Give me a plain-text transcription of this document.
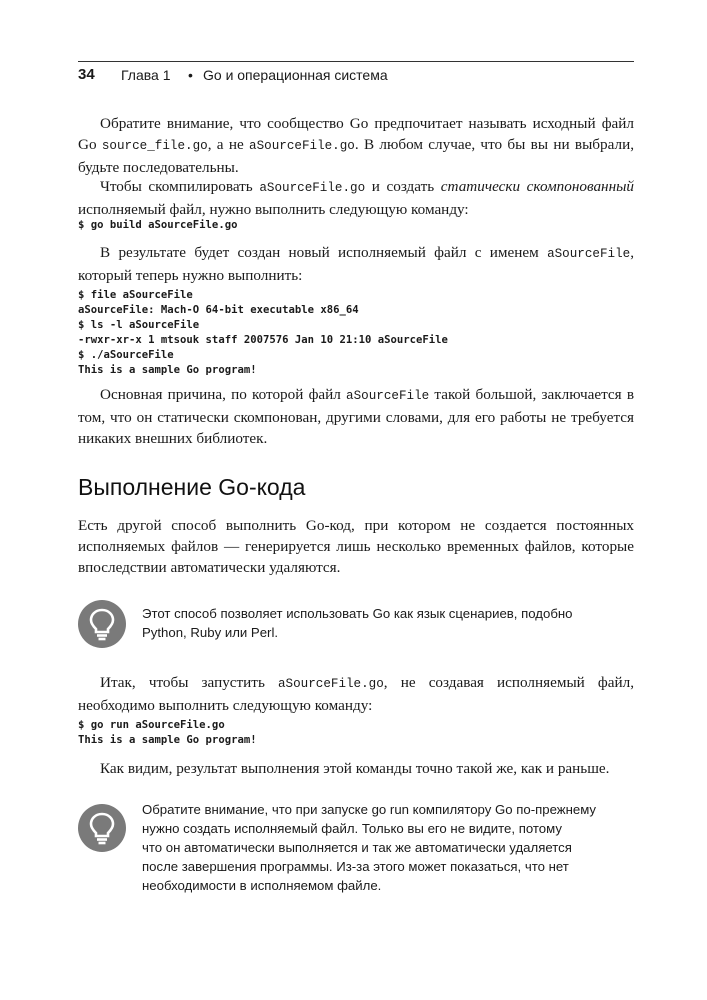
34 Глава 1 • Go и операционная система

Обратите внимание, что сообщество Go предпочитает называть исходный файл Go source_file.go, а не aSourceFile.go. В любом случае, что бы вы ни выбрали, будьте последовательны.

Чтобы скомпилировать aSourceFile.go и создать статически скомпонованный исполняемый файл, нужно выполнить следующую команду:

$ go build aSourceFile.go

В результате будет создан новый исполняемый файл с именем aSourceFile, который теперь нужно выполнить:

$ file aSourceFile
aSourceFile: Mach-O 64-bit executable x86_64
$ ls -l aSourceFile
-rwxr-xr-x 1 mtsouk staff 2007576 Jan 10 21:10 aSourceFile
$ ./aSourceFile
This is a sample Go program!

Основная причина, по которой файл aSourceFile такой большой, заключается в том, что он статически скомпонован, другими словами, для его работы не требуется никаких внешних библиотек.

Выполнение Go-кода

Есть другой способ выполнить Go-код, при котором не создается постоянных исполняемых файлов — генерируется лишь несколько временных файлов, которые впоследствии автоматически удаляются.

Этот способ позволяет использовать Go как язык сценариев, подобно
Python, Ruby или Perl.

Итак, чтобы запустить aSourceFile.go, не создавая исполняемый файл, необходимо выполнить следующую команду:

$ go run aSourceFile.go
This is a sample Go program!

Как видим, результат выполнения этой команды точно такой же, как и раньше.

Обратите внимание, что при запуске go run компилятору Go по-прежнему
нужно создать исполняемый файл. Только вы его не видите, потому
что он автоматически выполняется и так же автоматически удаляется
после завершения программы. Из-за этого может показаться, что нет
необходимости в исполняемом файле.
